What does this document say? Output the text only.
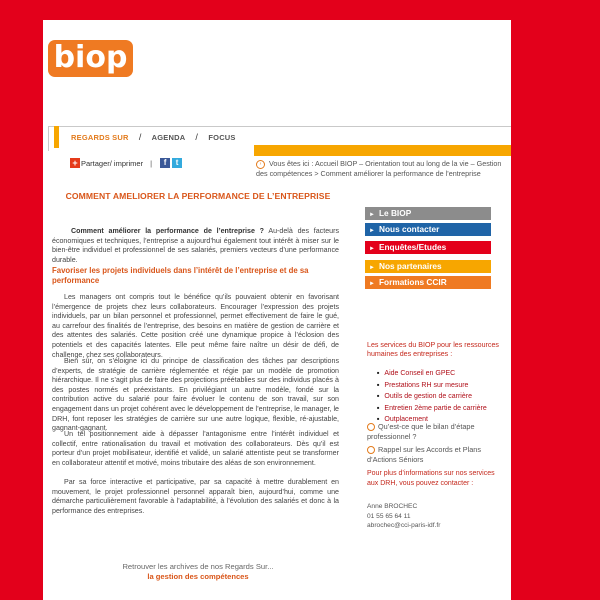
biop
REGARDS SUR / AGENDA / FOCUS
+ Partager/ imprimer |	f	t	› Vous êtes ici : Accueil BIOP – Orientation tout au long de la vie – Gestion des compétences > Comment améliorer la performance de l’entreprise
COMMENT AMELIORER LA PERFORMANCE DE L’ENTREPRISE
Comment améliorer la performance de l’entreprise ? Au-delà des facteurs économiques et techniques, l’entreprise a aujourd’hui également tout intérêt à miser sur le bien-être individuel et professionnel de ses salariés, premiers vecteurs d’une performance durable.
Favoriser les projets individuels dans l’intérêt de l’entreprise et de sa performance
Les managers ont compris tout le bénéfice qu’ils pouvaient obtenir en favorisant l’émergence de projets chez leurs collaborateurs. Encourager l’expression des projets individuels, par un bilan personnel et professionnel, permet effectivement de faire le gué, au carrefour des finalités de l’entreprise, des besoins en matière de gestion de carrière et des attentes des salariés. Cette position créé une dynamique propice à l’éclosion des potentiels et des capacités latentes. Elle peut même faire naître un désir de défi, de challenge, chez ses collaborateurs.
Bien sûr, on s’éloigne ici du principe de classification des tâches par descriptions d’experts, de stratégie de carrière réglementée et régie par un modèle de promotion hiérarchique. Il ne s’agit plus de faire des projections préétablies sur des individus placés à des postes normés et préexistants. En privilégiant un autre modèle, fondé sur la contribution active du salarié pour faire évoluer le contenu de son travail, sur son engagement dans un projet cohérent avec le développement de l’entreprise, le manager, le DRH, font reposer les stratégies de carrière sur une autre logique, flexible, ré-ajustable, gagnant-gagnant.
Un tel positionnement aide à dépasser l’antagonisme entre l’intérêt individuel et collectif, entre rationalisation du travail et motivation des collaborateurs. Dès qu’il est porteur d’un projet mobilisateur, identifié et validé, un salarié attentiste peut se transformer en collaborateur attentif et motivé, moins tributaire des aléas de son environnement.
Par sa force interactive et participative, par sa capacité à mettre durablement en mouvement, le projet professionnel personnel apparaît bien, aujourd’hui, comme une démarche particulièrement favorable à l’adaptabilité, à l’évolution des salariés et donc à la performance des entreprises.
Retrouver les archives de nos Regards Sur...
la gestion des compétences
► Le BIOP
► Nous contacter
► Enquêtes/Etudes
► Nos partenaires
► Formations CCIR
Les services du BIOP pour les ressources humaines des entreprises :
■ Aide Conseil en GPEC
■ Prestations RH sur mesure
■ Outils de gestion de carrière
■ Entretien 2ème partie de carrière
■ Outplacement
Qu’est-ce que le bilan d’étape professionnel ?
Rappel sur les Accords et Plans d’Actions Séniors
Pour plus d’informations sur nos services aux DRH, vous pouvez contacter :
Anne BROCHEC
01 55 65 64 11
abrochec@cci-paris-idf.fr
